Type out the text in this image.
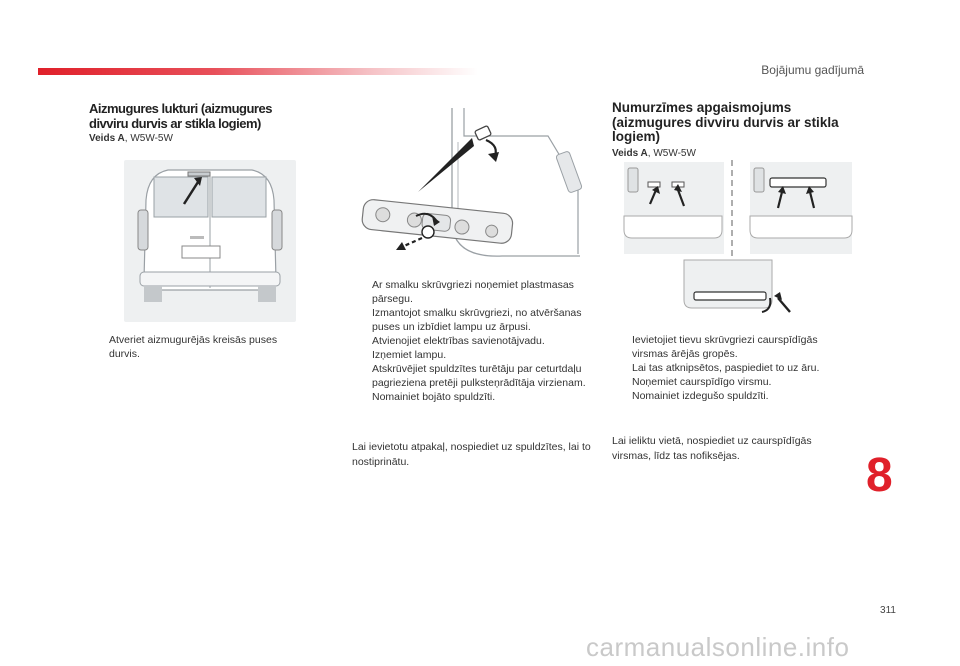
Bojājumu gadījumā
Aizmugures lukturi (aizmugures divviru durvis ar stikla logiem)
Veids A, W5W-5W
Atveriet aizmugurējās kreisās puses durvis.
Ar smalku skrūvgriezi noņemiet plastmasas pārsegu.
Izmantojot smalku skrūvgriezi, no atvēršanas puses un izbīdiet lampu uz ārpusi.
Atvienojiet elektrības savienotājvadu.
Izņemiet lampu.
Atskrūvējiet spuldzītes turētāju par ceturtdaļu pagrieziena pretēji pulksteņrādītāja virzienam.
Nomainiet bojāto spuldzīti.
Lai ievietotu atpakaļ, nospiediet uz spuldzītes, lai to nostiprinātu.
Numurzīmes apgaismojums (aizmugures divviru durvis ar stikla logiem)
Veids A, W5W-5W
Ievietojiet tievu skrūvgriezi caurspīdīgās virsmas ārējās gropēs.
Lai tas atknipsētos, paspiediet to uz āru.
Noņemiet caurspīdīgo virsmu.
Nomainiet izdegušo spuldzīti.
Lai ieliktu vietā, nospiediet uz caurspīdīgās virsmas, līdz tas nofiksējas.	8
311
carmanualsonline.info
